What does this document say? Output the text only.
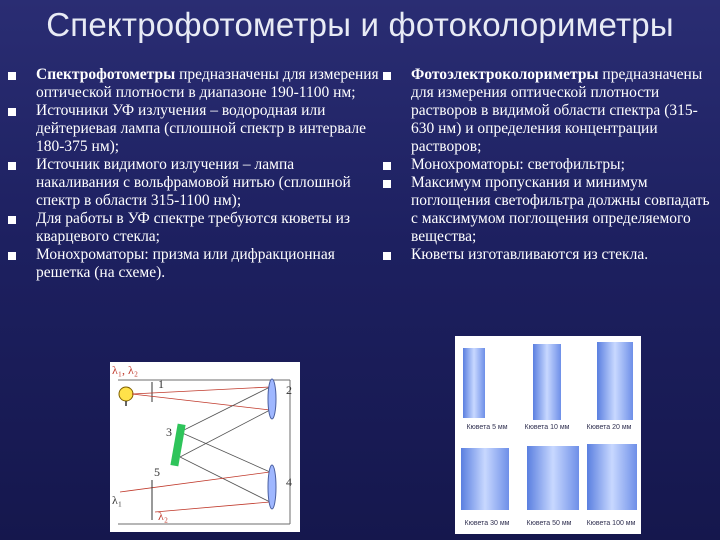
Спектрофотометры и фотоколориметры
Спектрофотометры предназначены для измерения оптической плотности в диапазоне 190-1100 нм;
Источники УФ излучения – водородная или дейтериевая лампа (сплошной спектр в интервале 180-375 нм);
Источник видимого излучения – лампа накаливания с вольфрамовой нитью (сплошной спектр в области 315-1100 нм);
Для работы в УФ спектре требуются кюветы из кварцевого стекла;
Монохроматоры: призма или дифракционная решетка (на схеме).
Фотоэлектроколориметры предназначены для измерения оптической плотности растворов в видимой области спектра (315-630 нм) и определения концентрации растворов;
Монохроматоры: светофильтры;
Максимум пропускания и минимум поглощения светофильтра должны совпадать с максимумом поглощения определяемого вещества;
Кюветы изготавливаются из стекла.
λ₁, λ₂
1	2
3
4
5
λ₁
λ₂
Кювета 5 мм	Кювета 10 мм	Кювета 20 мм
Кювета 30 мм	Кювета 50 мм	Кювета 100 мм
